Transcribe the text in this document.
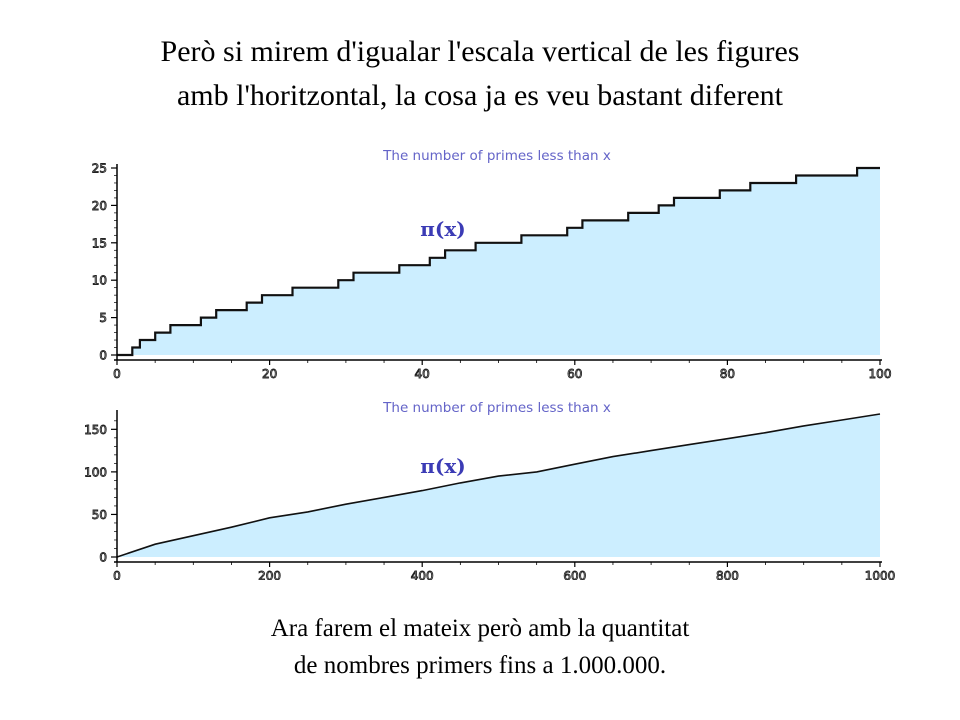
Però si mirem d'igualar l'escala vertical de les figures
amb l'horitzontal, la cosa ja es veu bastant diferent
0	20	40	60	80	100
0
5
10
15
20
25
The number of primes less than x
π(x)
0	200	400	600	800	1000
0
50
100
150
The number of primes less than x
π(x)
Ara farem el mateix però amb la quantitat
de nombres primers fins a 1.000.000.
